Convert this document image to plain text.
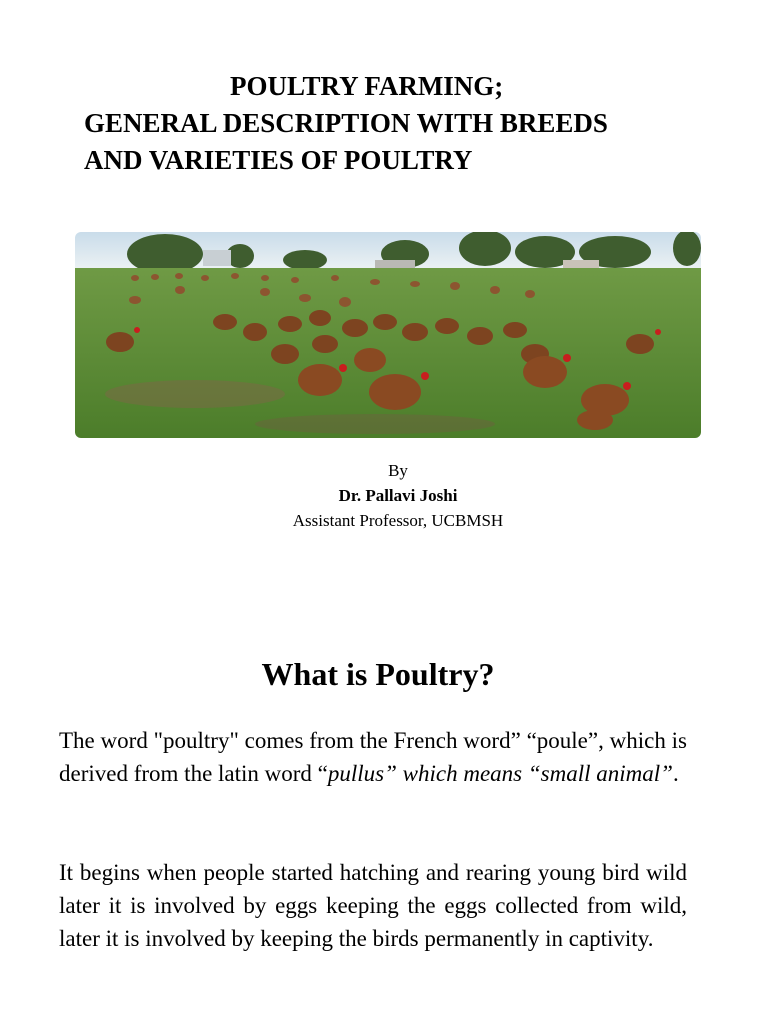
POULTRY FARMING;
GENERAL DESCRIPTION WITH BREEDS
AND VARIETIES OF POULTRY
By
Dr. Pallavi Joshi
Assistant Professor, UCBMSH
What is Poultry?

The word "poultry" comes from the French word” “poule”, which is derived from the latin word “pullus” which means “small animal”.

It begins when people started hatching and rearing young bird wild later it is involved by eggs keeping the eggs collected from wild, later it is involved by keeping the birds permanently in captivity.
